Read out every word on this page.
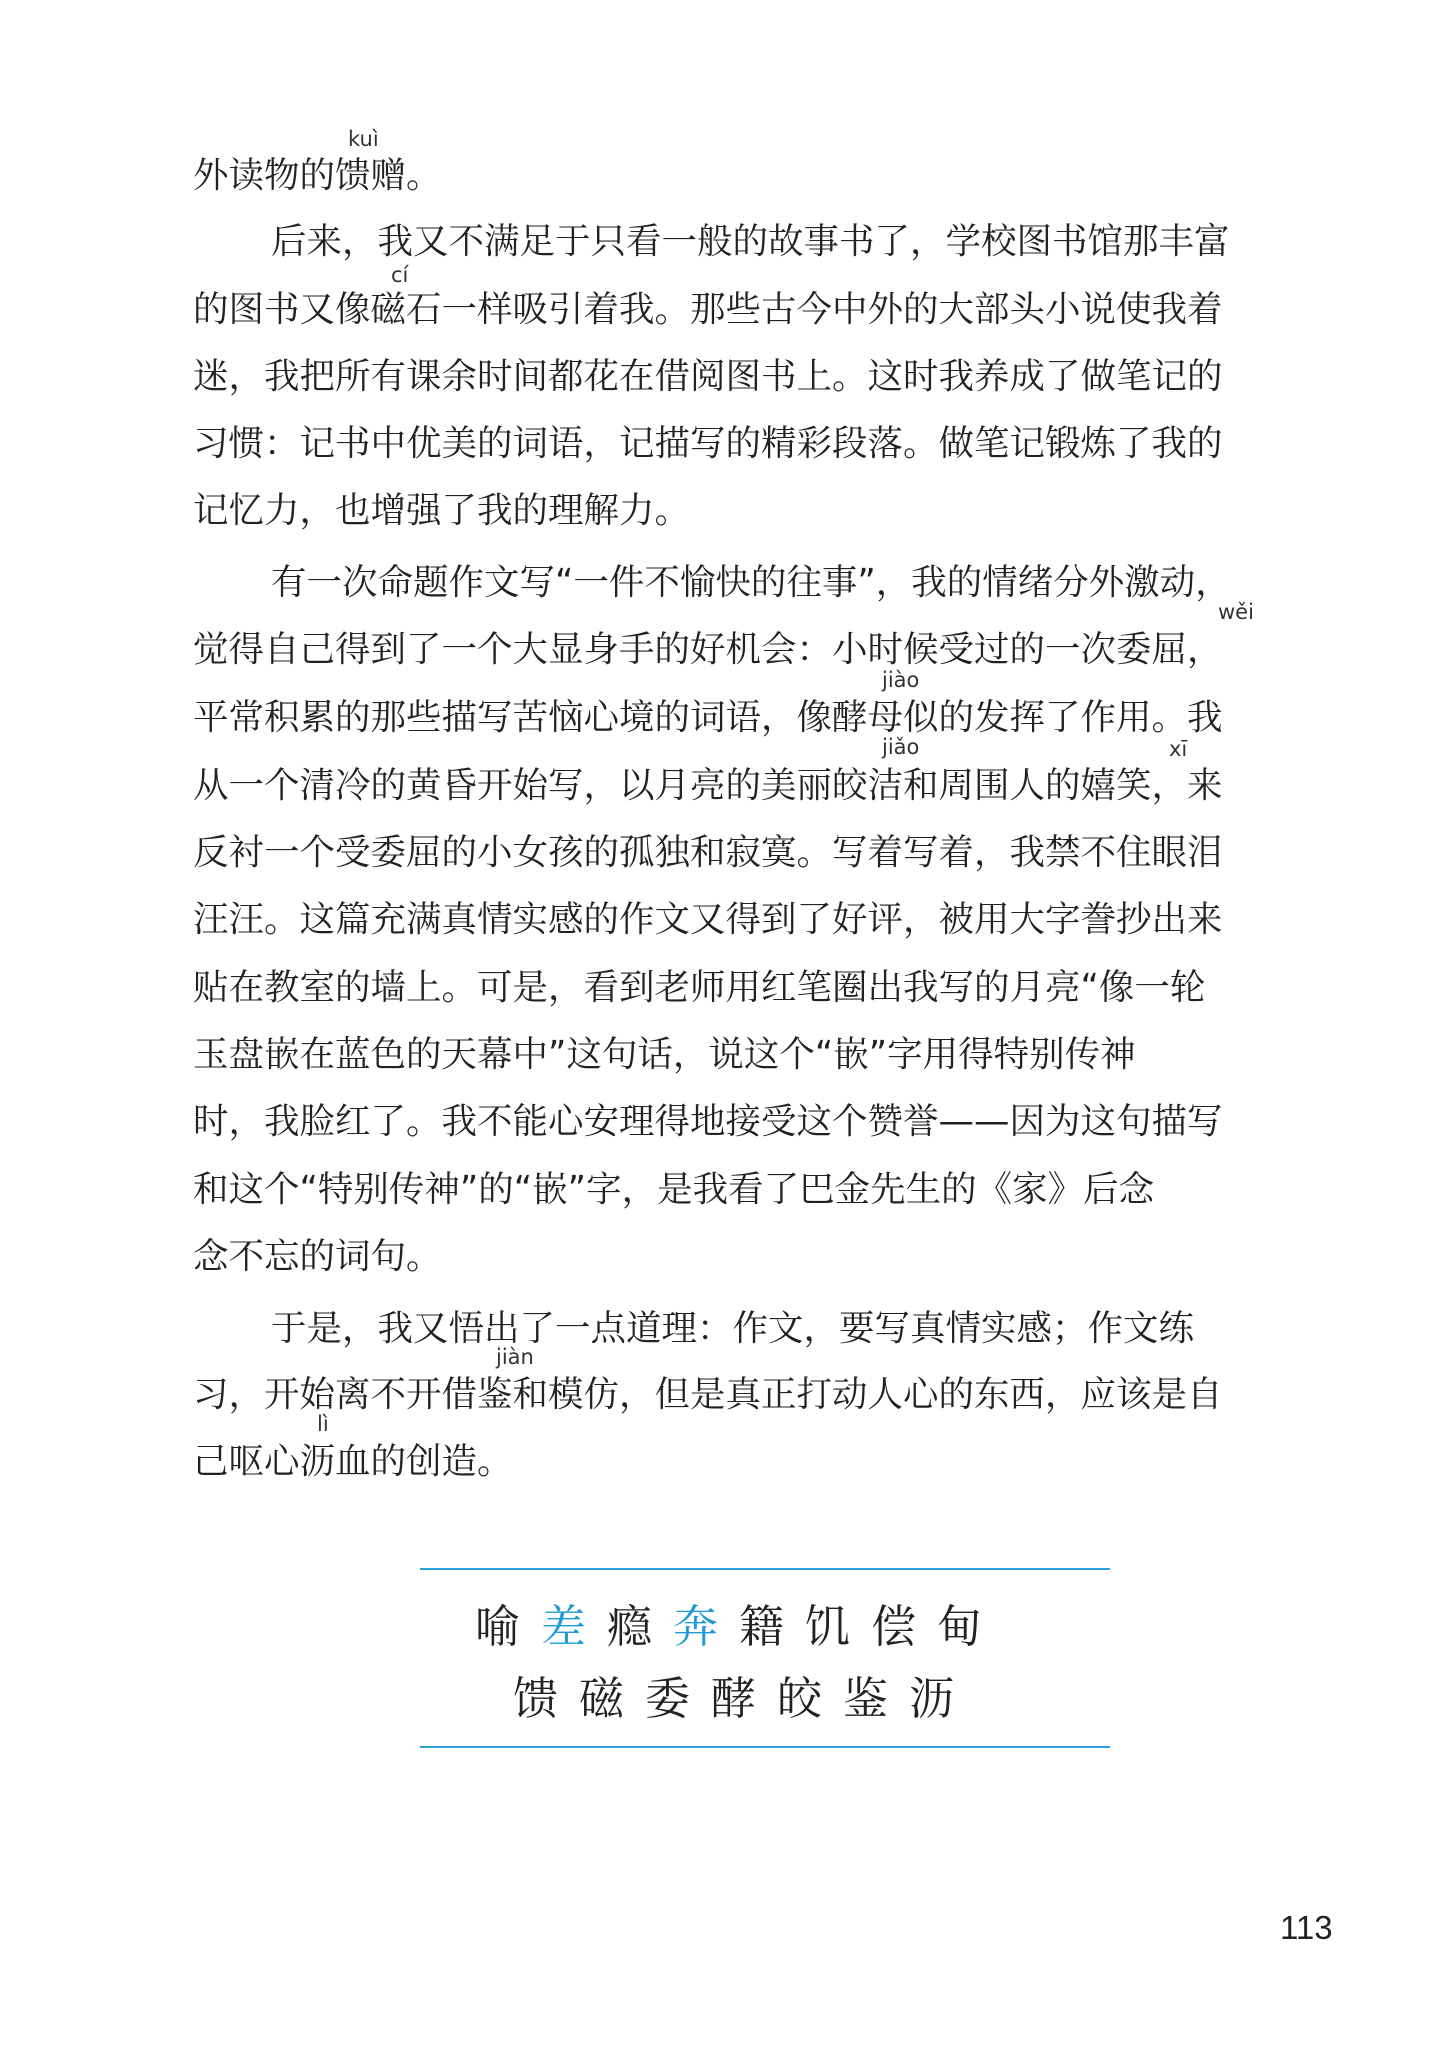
kuì
外读物的馈赠。
后来，我又不满足于只看一般的故事书了，学校图书馆那丰富
cí
的图书又像磁石一样吸引着我。那些古今中外的大部头小说使我着
迷，我把所有课余时间都花在借阅图书上。这时我养成了做笔记的
习惯：记书中优美的词语，记描写的精彩段落。做笔记锻炼了我的
记忆力，也增强了我的理解力。
有一次命题作文写“一件不愉快的往事”，我的情绪分外激动，
wěi
觉得自己得到了一个大显身手的好机会：小时候受过的一次委屈，
jiào
平常积累的那些描写苦恼心境的词语，像酵母似的发挥了作用。我
jiǎo	xī
从一个清冷的黄昏开始写，以月亮的美丽皎洁和周围人的嬉笑，来
反衬一个受委屈的小女孩的孤独和寂寞。写着写着，我禁不住眼泪
汪汪。这篇充满真情实感的作文又得到了好评，被用大字誊抄出来
贴在教室的墙上。可是，看到老师用红笔圈出我写的月亮“像一轮
玉盘嵌在蓝色的天幕中”这句话，说这个“嵌”字用得特别传神
时，我脸红了。我不能心安理得地接受这个赞誉——因为这句描写
和这个“特别传神”的“嵌”字，是我看了巴金先生的《家》后念
念不忘的词句。
于是，我又悟出了一点道理：作文，要写真情实感；作文练
jiàn
习，开始离不开借鉴和模仿，但是真正打动人心的东西，应该是自
lì
己呕心沥血的创造。
喻 差 瘾 奔 籍 饥 偿 甸
馈 磁 委 酵 皎 鉴 沥
113
